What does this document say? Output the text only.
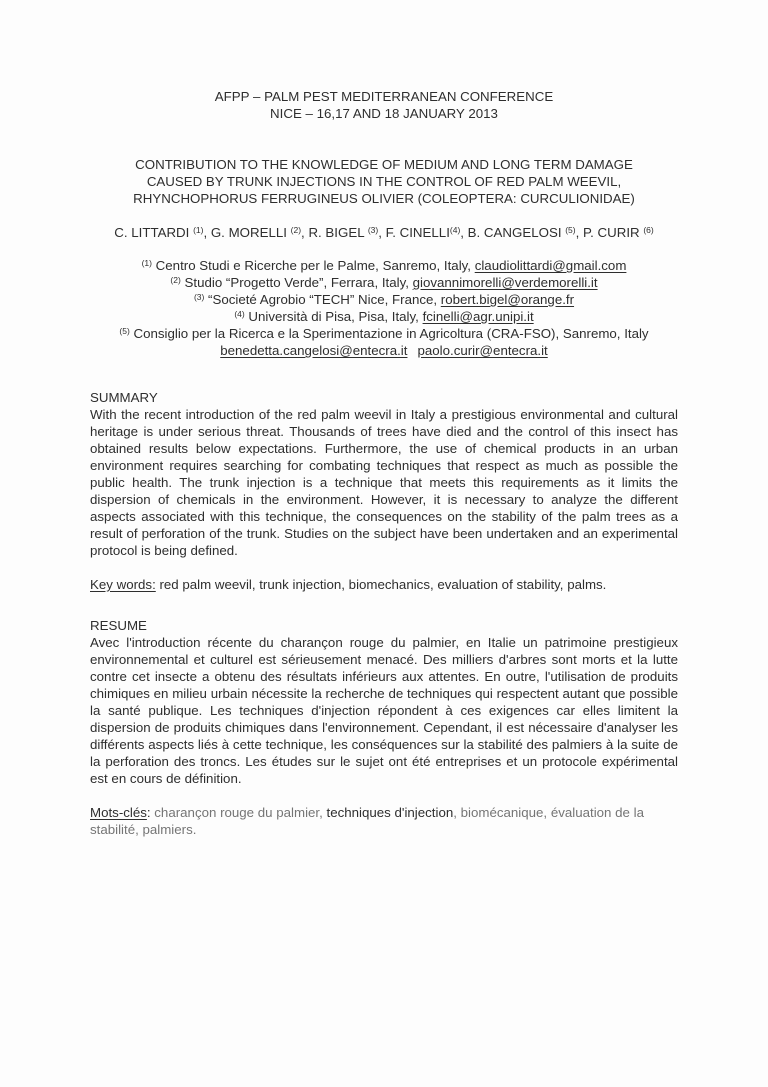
AFPP – PALM PEST MEDITERRANEAN CONFERENCE
NICE – 16,17 AND 18 JANUARY 2013
CONTRIBUTION TO THE KNOWLEDGE OF MEDIUM AND LONG TERM DAMAGE
CAUSED BY TRUNK INJECTIONS IN THE CONTROL OF RED PALM WEEVIL,
RHYNCHOPHORUS FERRUGINEUS OLIVIER (COLEOPTERA: CURCULIONIDAE)

C. LITTARDI $^{(1)}$, G. MORELLI $^{(2)}$, R. BIGEL $^{(3)}$, F. CINELLI$^{(4)}$, B. CANGELOSI $^{(5)}$, P. CURIR $^{(6)}$

$^{(1)}$ Centro Studi e Ricerche per le Palme, Sanremo, Italy, claudiolittardi@gmail.com
$^{(2)}$ Studio “Progetto Verde”, Ferrara, Italy, giovannimorelli@verdemorelli.it
$^{(3)}$ “Societé Agrobio “TECH” Nice, France, robert.bigel@orange.fr
$^{(4)}$ Università di Pisa, Pisa, Italy, fcinelli@agr.unipi.it
$^{(5)}$ Consiglio per la Ricerca e la Sperimentazione in Agricoltura (CRA-FSO), Sanremo, Italy
benedetta.cangelosi@entecra.it paolo.curir@entecra.it
SUMMARY

With the recent introduction of the red palm weevil in Italy a prestigious environmental and cultural heritage is under serious threat. Thousands of trees have died and the control of this insect has obtained results below expectations. Furthermore, the use of chemical products in an urban environment requires searching for combating techniques that respect as much as possible the public health. The trunk injection is a technique that meets this requirements as it limits the dispersion of chemicals in the environment. However, it is necessary to analyze the different aspects associated with this technique, the consequences on the stability of the palm trees as a result of perforation of the trunk. Studies on the subject have been undertaken and an experimental protocol is being defined.

Key words: red palm weevil, trunk injection, biomechanics, evaluation of stability, palms.

RESUME

Avec l'introduction récente du charançon rouge du palmier, en Italie un patrimoine prestigieux environnemental et culturel est sérieusement menacé. Des milliers d'arbres sont morts et la lutte contre cet insecte a obtenu des résultats inférieurs aux attentes. En outre, l'utilisation de produits chimiques en milieu urbain nécessite la recherche de techniques qui respectent autant que possible la santé publique. Les techniques d'injection répondent à ces exigences car elles limitent la dispersion de produits chimiques dans l'environnement. Cependant, il est nécessaire d'analyser les différents aspects liés à cette technique, les conséquences sur la stabilité des palmiers à la suite de la perforation des troncs. Les études sur le sujet ont été entreprises et un protocole expérimental est en cours de définition.

Mots-clés: charançon rouge du palmier, techniques d'injection, biomécanique, évaluation de la stabilité, palmiers.
